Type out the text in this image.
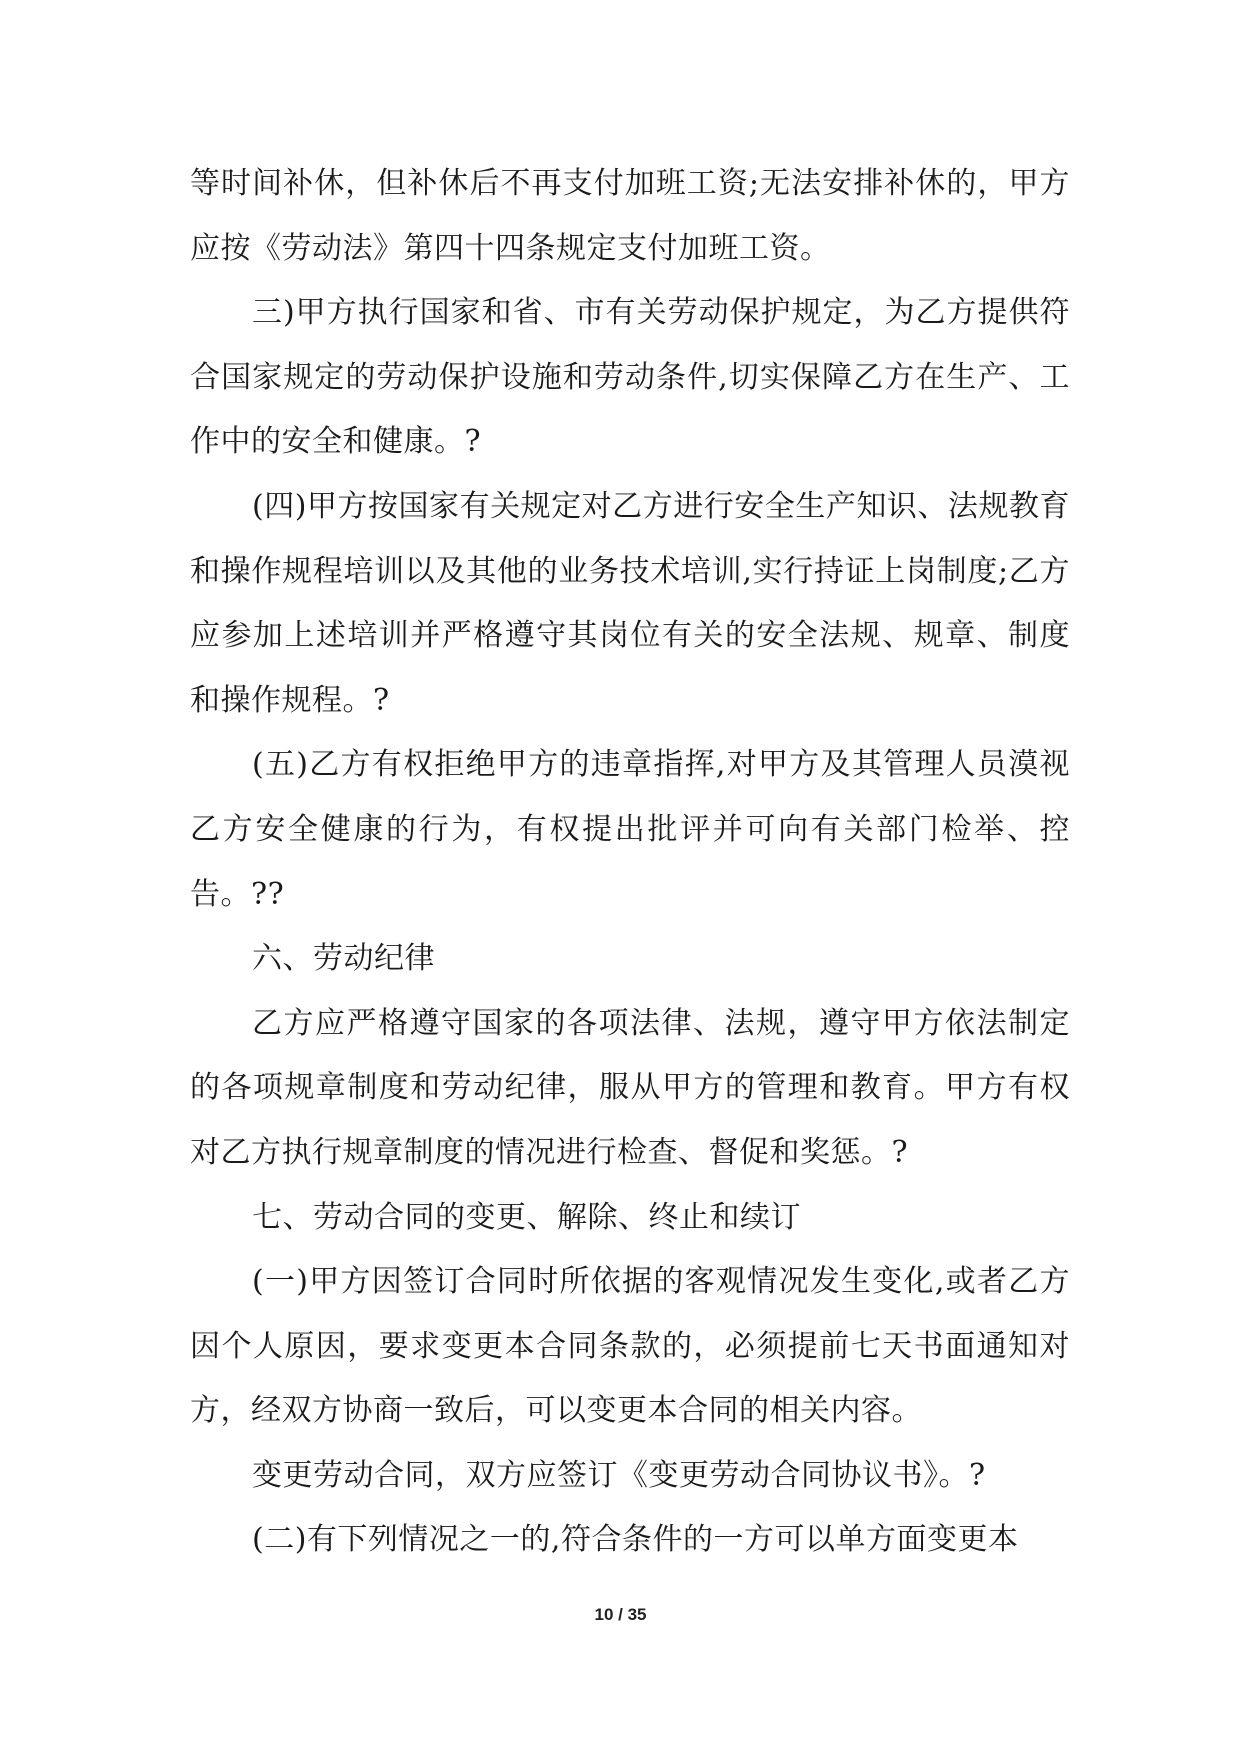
等时间补休，但补休后不再支付加班工资;无法安排补休的，甲方应按《劳动法》第四十四条规定支付加班工资。

三)甲方执行国家和省、市有关劳动保护规定，为乙方提供符合国家规定的劳动保护设施和劳动条件,切实保障乙方在生产、工作中的安全和健康。?

(四)甲方按国家有关规定对乙方进行安全生产知识、法规教育和操作规程培训以及其他的业务技术培训,实行持证上岗制度;乙方应参加上述培训并严格遵守其岗位有关的安全法规、规章、制度和操作规程。?

(五)乙方有权拒绝甲方的违章指挥,对甲方及其管理人员漠视乙方安全健康的行为，有权提出批评并可向有关部门检举、控告。??

六、劳动纪律

乙方应严格遵守国家的各项法律、法规，遵守甲方依法制定的各项规章制度和劳动纪律，服从甲方的管理和教育。甲方有权对乙方执行规章制度的情况进行检查、督促和奖惩。?

七、劳动合同的变更、解除、终止和续订

(一)甲方因签订合同时所依据的客观情况发生变化,或者乙方因个人原因，要求变更本合同条款的，必须提前七天书面通知对方，经双方协商一致后，可以变更本合同的相关内容。

变更劳动合同，双方应签订《变更劳动合同协议书》。?

(二)有下列情况之一的,符合条件的一方可以单方面变更本

10 / 35
